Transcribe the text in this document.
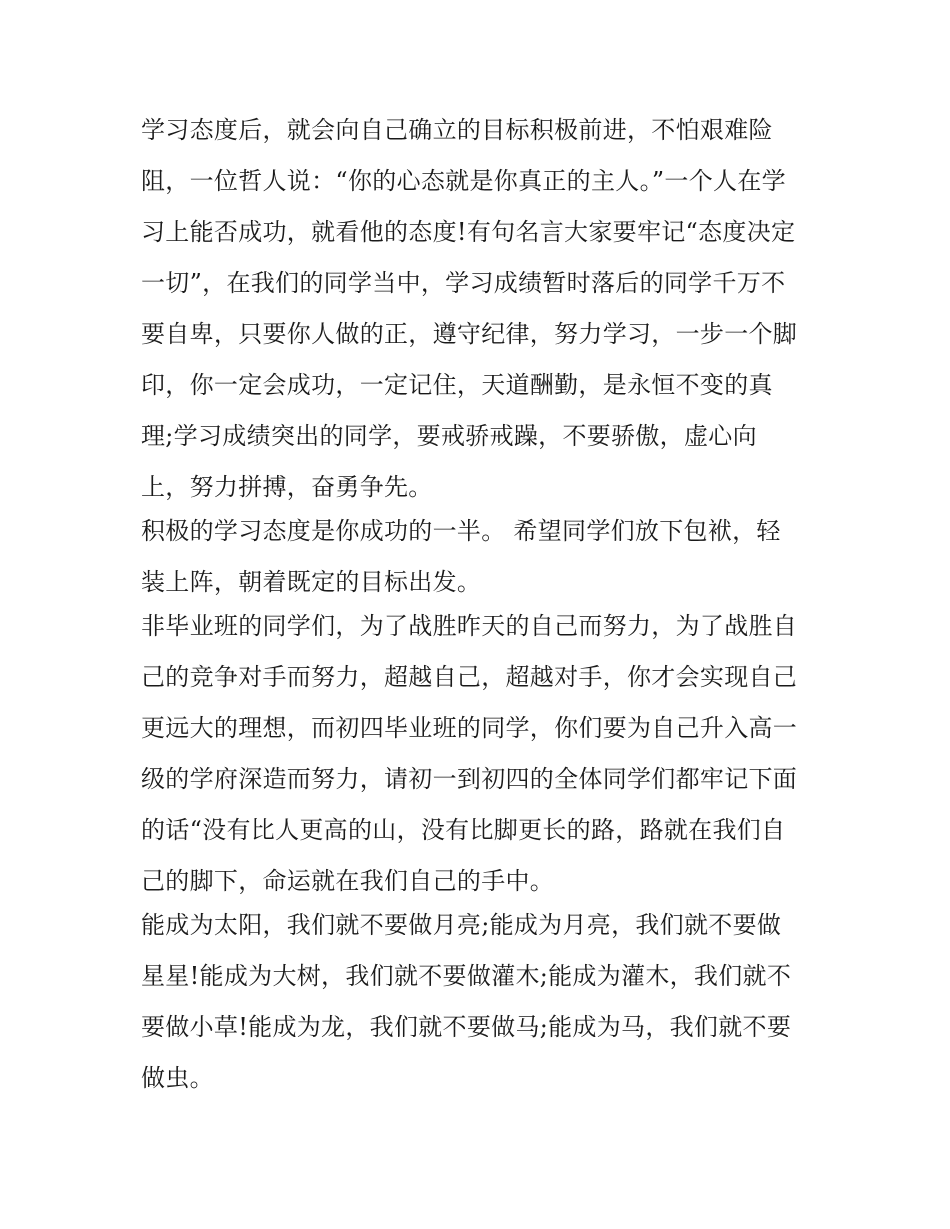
学习态度后，就会向自己确立的目标积极前进，不怕艰难险
阻，一位哲人说：“你的心态就是你真正的主人。”一个人在学
习上能否成功，就看他的态度!有句名言大家要牢记“态度决定
一切”，在我们的同学当中，学习成绩暂时落后的同学千万不
要自卑，只要你人做的正，遵守纪律，努力学习，一步一个脚
印，你一定会成功，一定记住，天道酬勤，是永恒不变的真
理;学习成绩突出的同学，要戒骄戒躁，不要骄傲，虚心向
上，努力拼搏，奋勇争先。
积极的学习态度是你成功的一半。 希望同学们放下包袱，轻
装上阵，朝着既定的目标出发。
非毕业班的同学们，为了战胜昨天的自己而努力，为了战胜自
己的竞争对手而努力，超越自己，超越对手，你才会实现自己
更远大的理想，而初四毕业班的同学，你们要为自己升入高一
级的学府深造而努力，请初一到初四的全体同学们都牢记下面
的话“没有比人更高的山，没有比脚更长的路，路就在我们自
己的脚下，命运就在我们自己的手中。
能成为太阳，我们就不要做月亮;能成为月亮，我们就不要做
星星!能成为大树，我们就不要做灌木;能成为灌木，我们就不
要做小草!能成为龙，我们就不要做马;能成为马，我们就不要
做虫。
